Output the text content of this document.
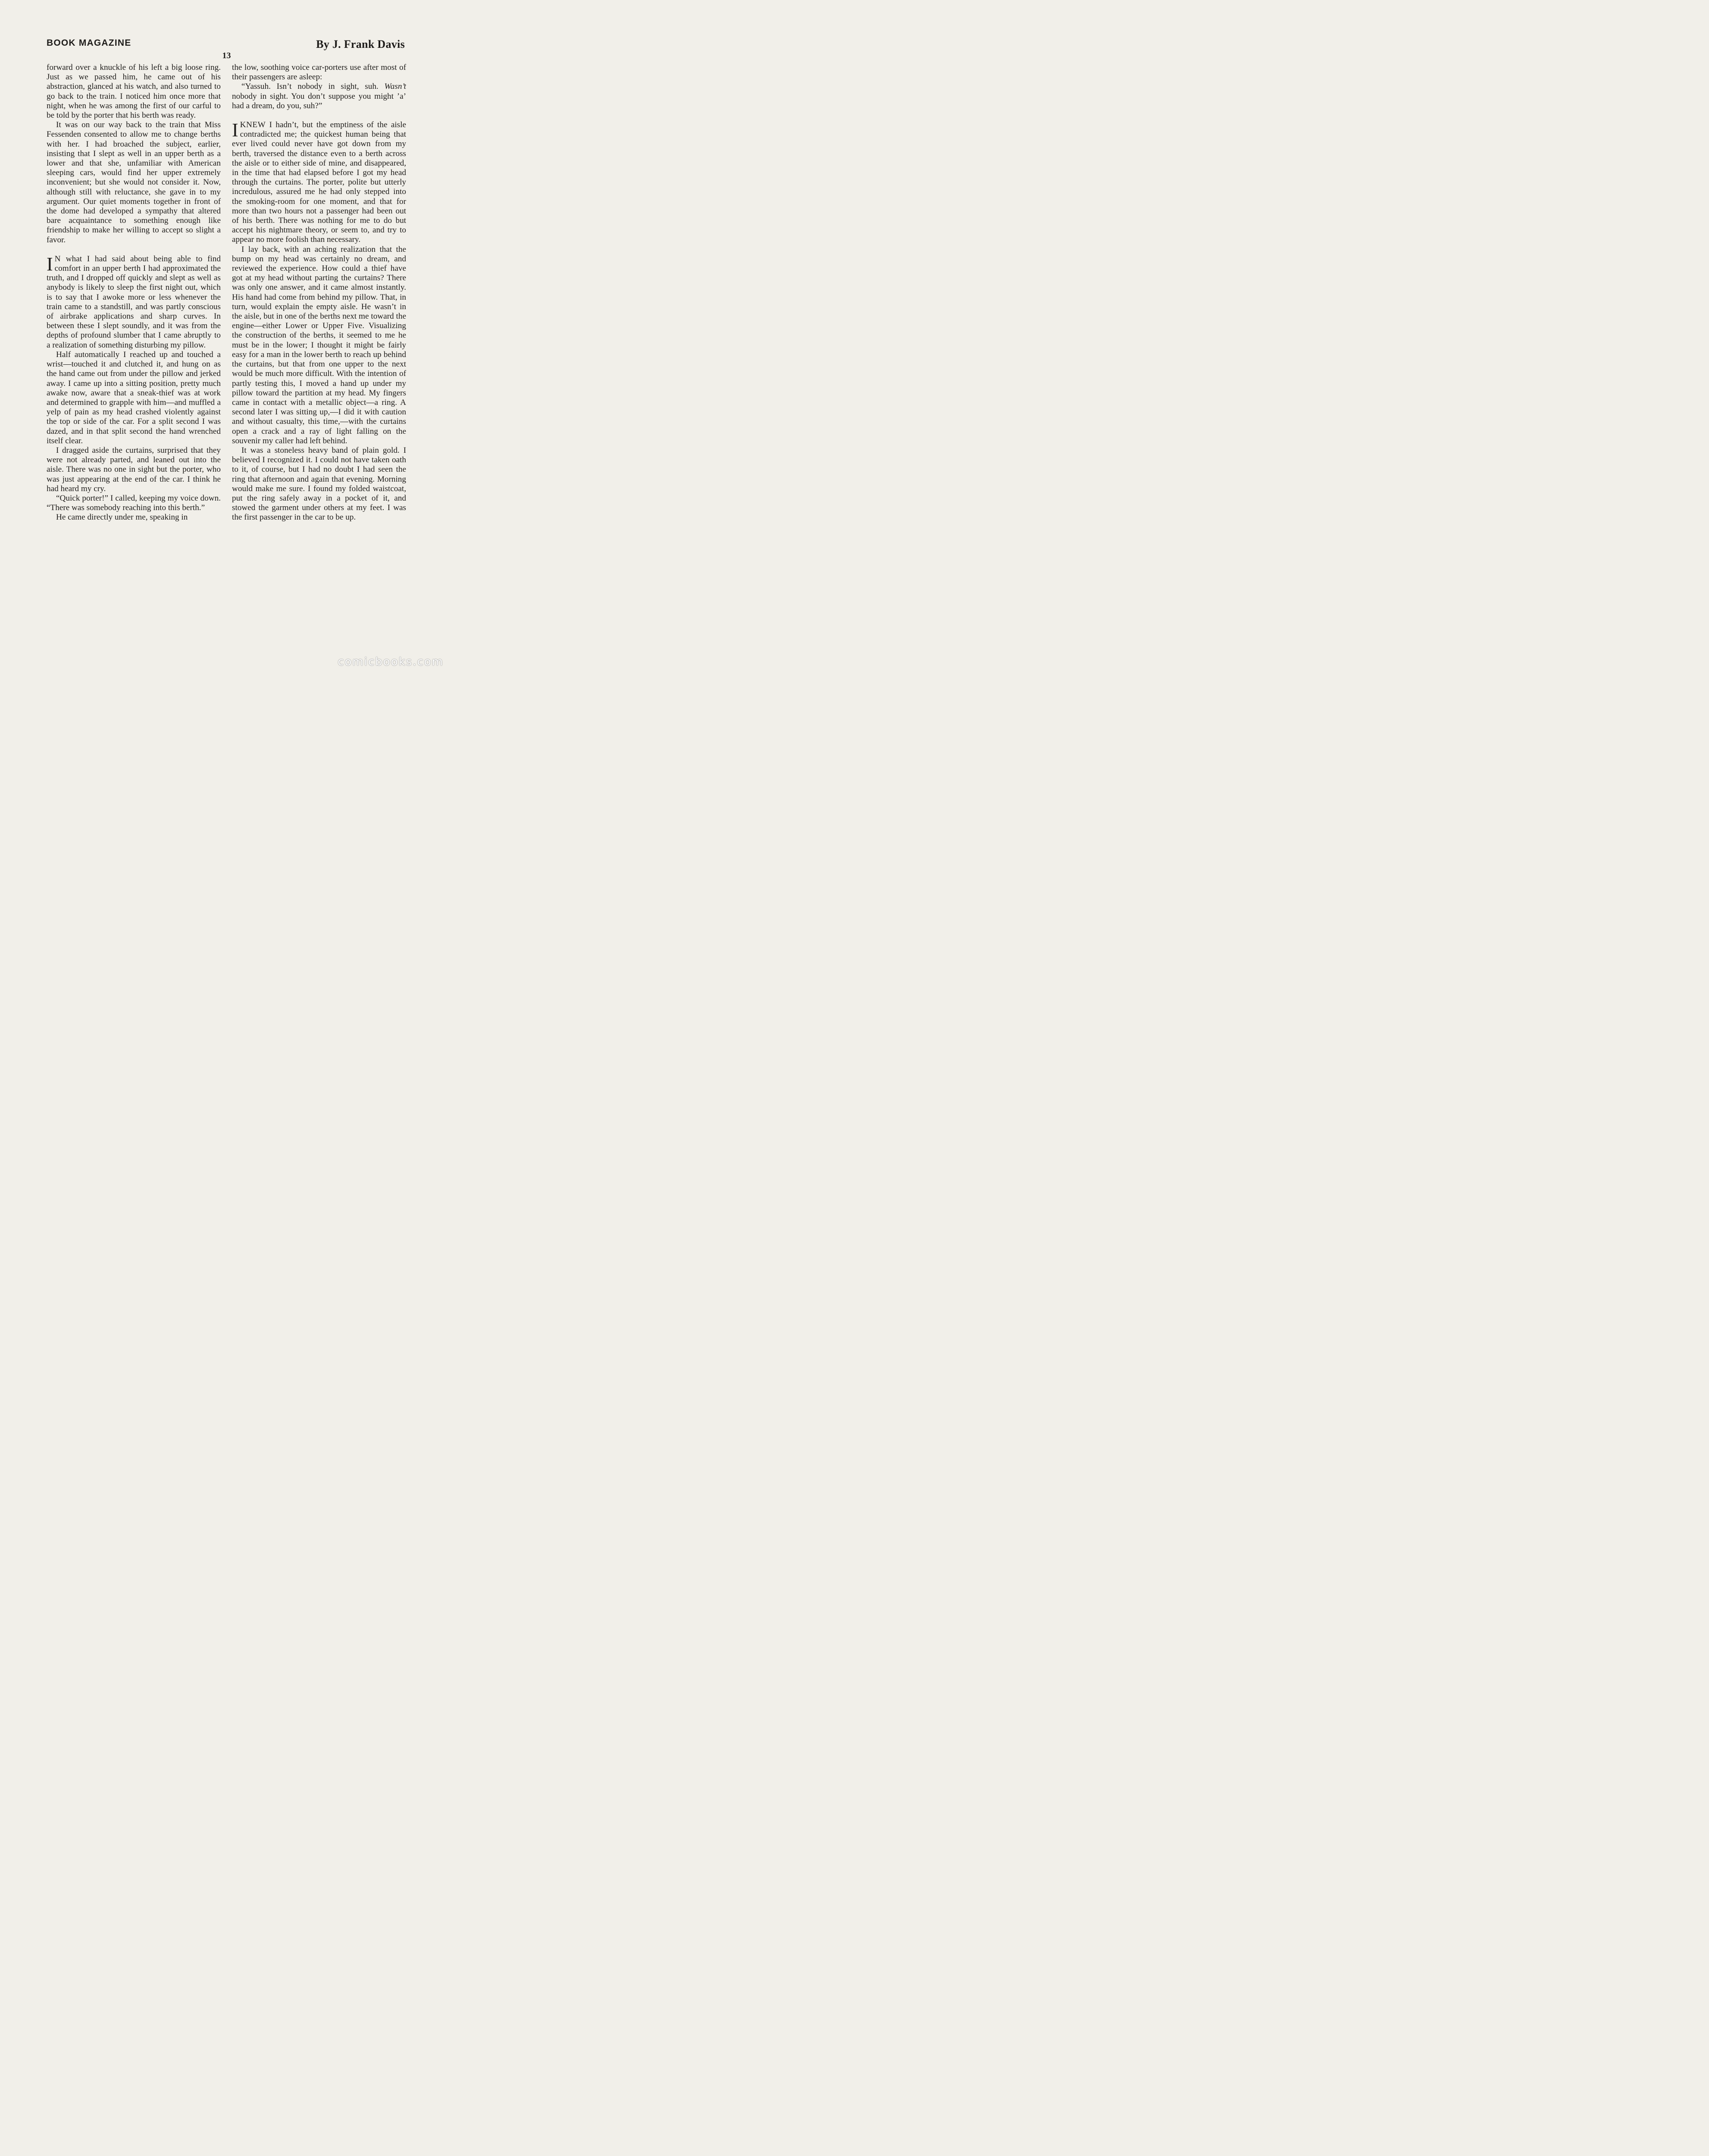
BOOK MAGAZINE	By J. Frank Davis
13

forward over a knuckle of his left a big loose ring. Just as we passed him, he came out of his abstraction, glanced at his watch, and also turned to go back to the train. I noticed him once more that night, when he was among the first of our carful to be told by the porter that his berth was ready.

It was on our way back to the train that Miss Fessenden consented to allow me to change berths with her. I had broached the subject, earlier, insisting that I slept as well in an upper berth as a lower and that she, unfamiliar with American sleeping cars, would find her upper extremely inconvenient; but she would not consider it. Now, although still with reluctance, she gave in to my argument. Our quiet moments together in front of the dome had developed a sympathy that altered bare acquaintance to something enough like friendship to make her willing to accept so slight a favor.

I N what I had said about being able to find comfort in an upper berth I had approximated the truth, and I dropped off quickly and slept as well as anybody is likely to sleep the first night out, which is to say that I awoke more or less whenever the train came to a standstill, and was partly conscious of airbrake applications and sharp curves. In between these I slept soundly, and it was from the depths of profound slumber that I came abruptly to a realization of something disturbing my pillow.

Half automatically I reached up and touched a wrist—touched it and clutched it, and hung on as the hand came out from under the pillow and jerked away. I came up into a sitting position, pretty much awake now, aware that a sneak-thief was at work and determined to grapple with him—and muffled a yelp of pain as my head crashed violently against the top or side of the car. For a split second I was dazed, and in that split second the hand wrenched itself clear.

I dragged aside the curtains, surprised that they were not already parted, and leaned out into the aisle. There was no one in sight but the porter, who was just appearing at the end of the car. I think he had heard my cry.

“Quick porter!” I called, keeping my voice down. “There was somebody reaching into this berth.”

He came directly under me, speaking in

the low, soothing voice car-porters use after most of their passengers are asleep:

“Yassuh. Isn’t nobody in sight, suh. Wasn’t nobody in sight. You don’t suppose you might ’a’ had a dream, do you, suh?”

IKNEW I hadn’t, but the emptiness of the aisle contradicted me; the quickest human being that ever lived could never have got down from my berth, traversed the distance even to a berth across the aisle or to either side of mine, and disappeared, in the time that had elapsed before I got my head through the curtains. The porter, polite but utterly incredulous, assured me he had only stepped into the smoking-room for one moment, and that for more than two hours not a passenger had been out of his berth. There was nothing for me to do but accept his nightmare theory, or seem to, and try to appear no more foolish than necessary.

I lay back, with an aching realization that the bump on my head was certainly no dream, and reviewed the experience. How could a thief have got at my head without parting the curtains? There was only one answer, and it came almost instantly. His hand had come from behind my pillow. That, in turn, would explain the empty aisle. He wasn’t in the aisle, but in one of the berths next me toward the engine—either Lower or Upper Five. Visualizing the construction of the berths, it seemed to me he must be in the lower; I thought it might be fairly easy for a man in the lower berth to reach up behind the curtains, but that from one upper to the next would be much more difficult. With the intention of partly testing this, I moved a hand up under my pillow toward the partition at my head. My fingers came in contact with a metallic object—a ring. A second later I was sitting up,—I did it with caution and without casualty, this time,—with the curtains open a crack and a ray of light falling on the souvenir my caller had left behind.

It was a stoneless heavy band of plain gold. I believed I recognized it. I could not have taken oath to it, of course, but I had no doubt I had seen the ring that afternoon and again that evening. Morning would make me sure. I found my folded waistcoat, put the ring safely away in a pocket of it, and stowed the garment under others at my feet. I was the first passenger in the car to be up.

comicbooks.com
